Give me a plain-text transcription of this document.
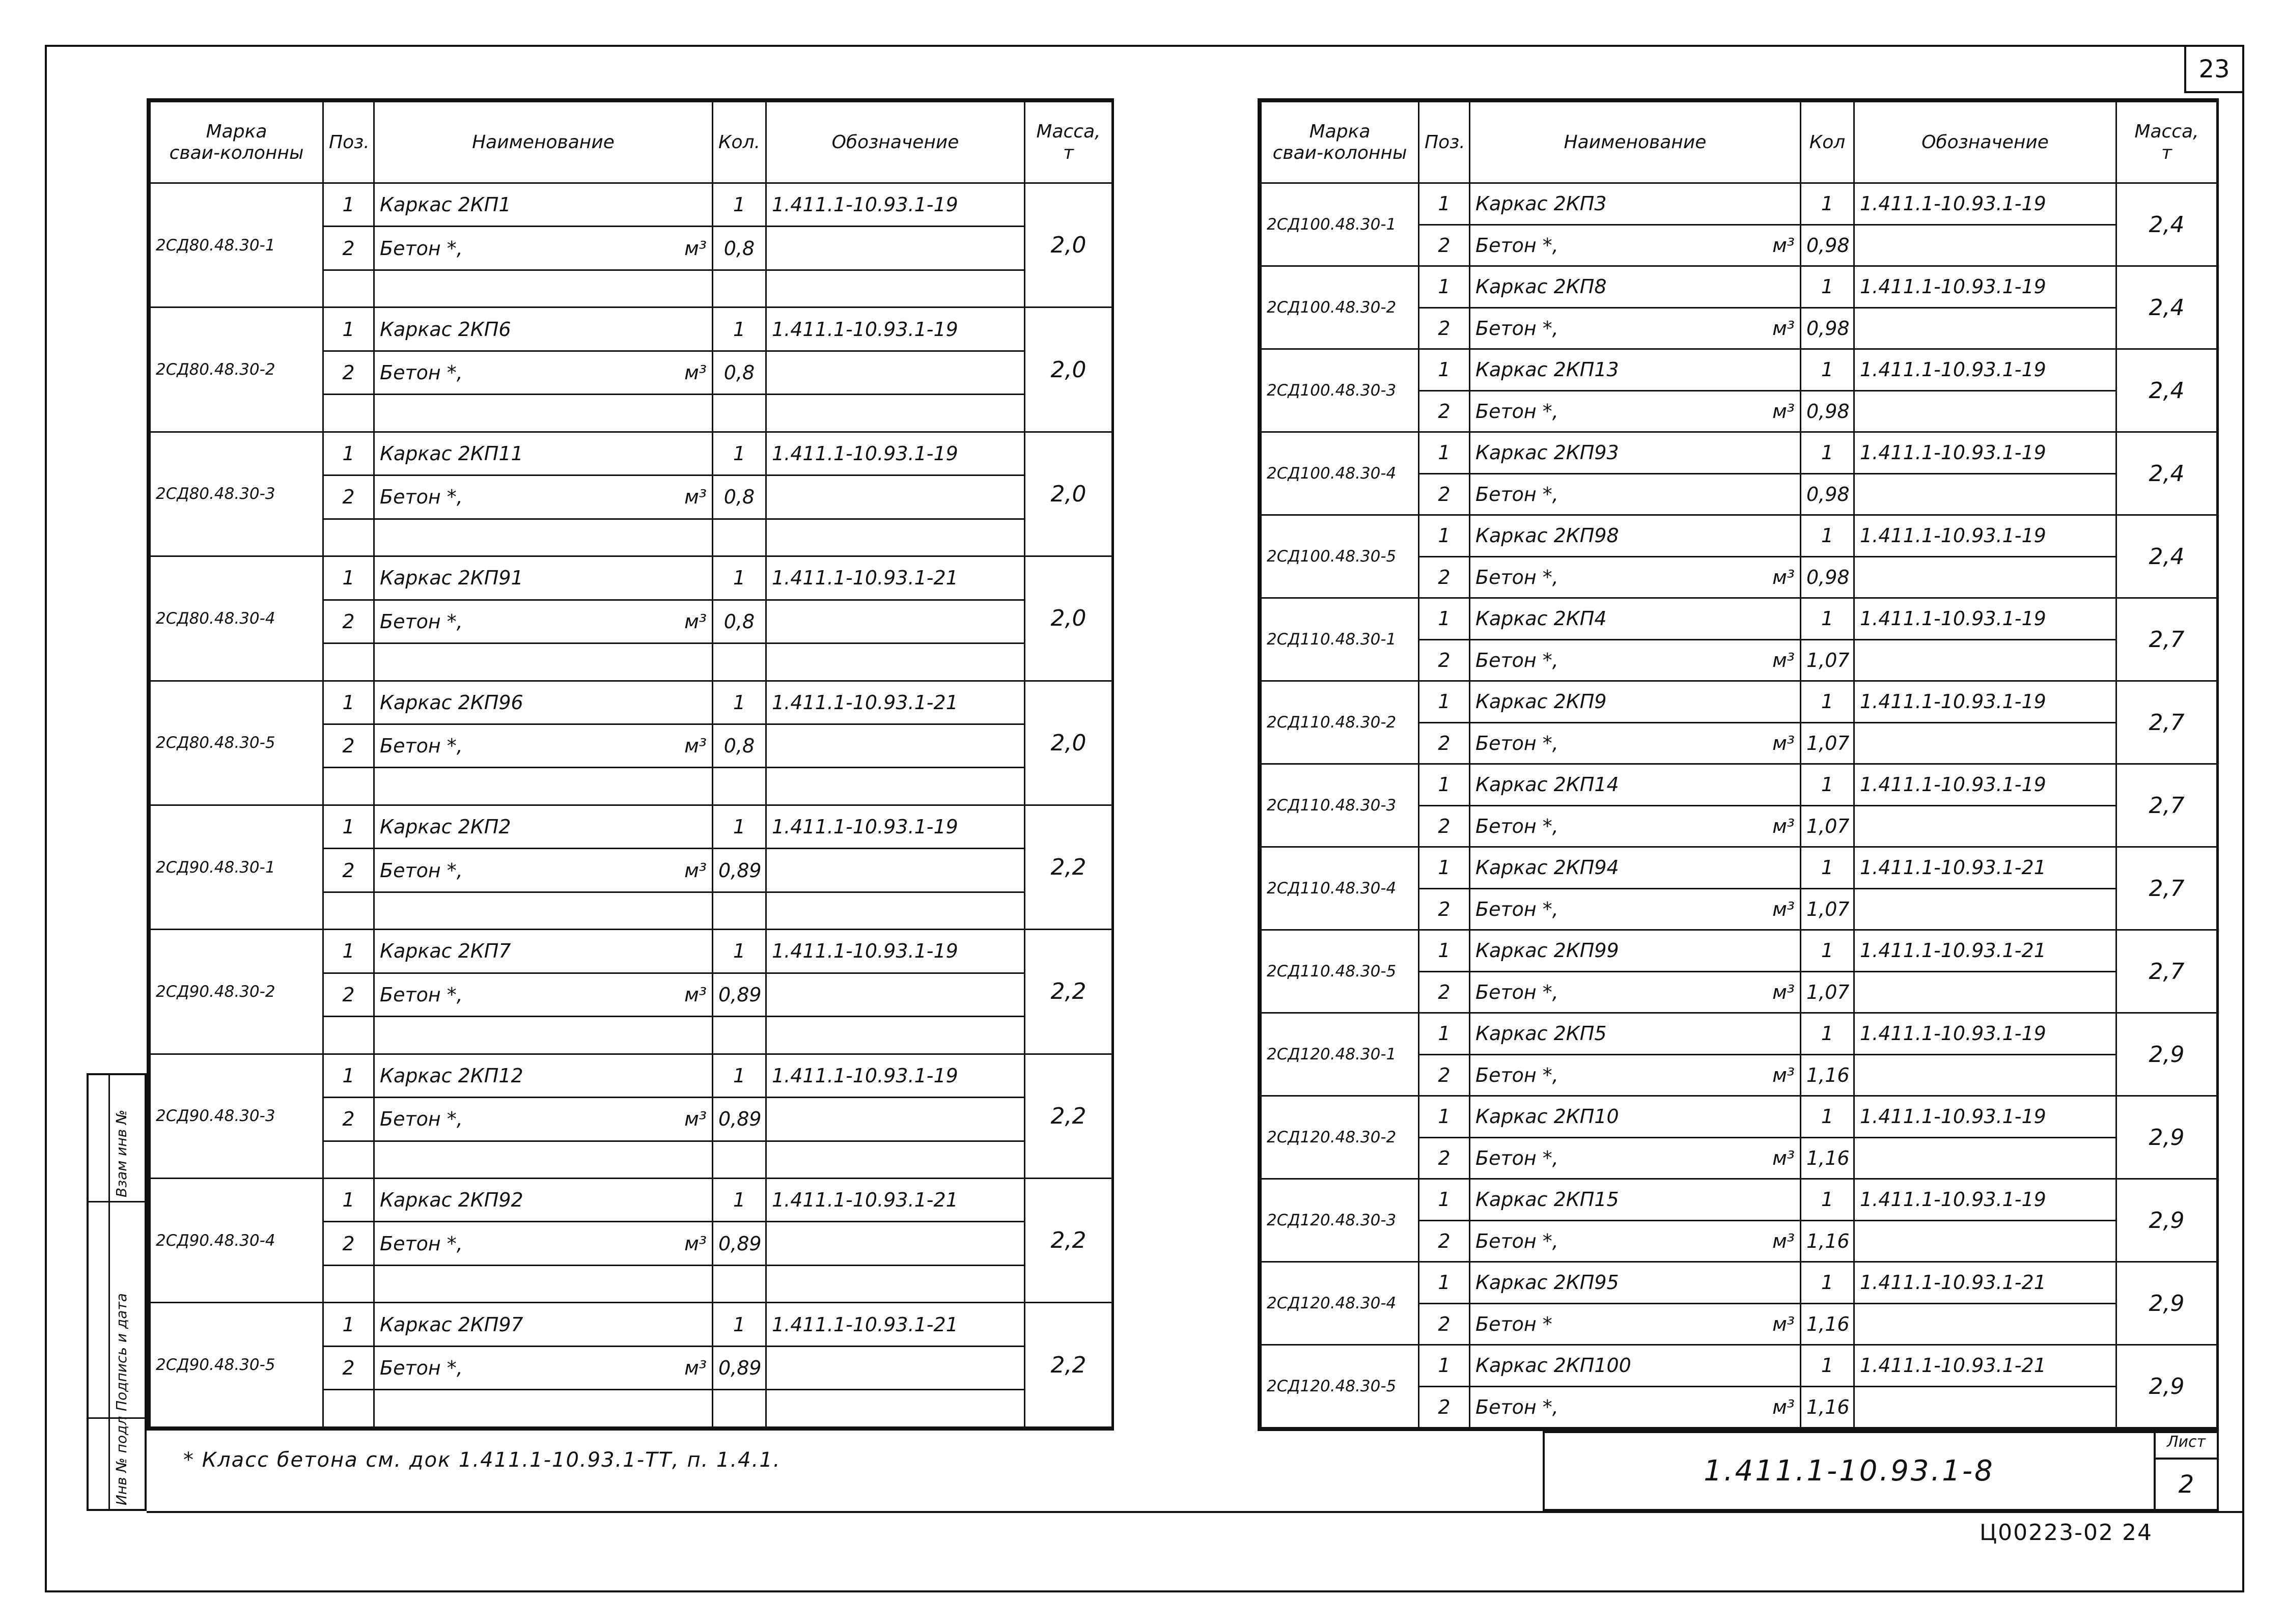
23
Марка
сваи-колонны	Поз.	Наименование	Кол.	Обозначение	Масса,
т
2СД80.48.30-1	1	Каркас 2КП1	1	1.411.1-10.93.1-19	2,0
	2	Бетон *, м³	0,8		

2СД80.48.30-2	1	Каркас 2КП6	1	1.411.1-10.93.1-19	2,0
	2	Бетон *, м³	0,8		

2СД80.48.30-3	1	Каркас 2КП11	1	1.411.1-10.93.1-19	2,0
	2	Бетон *, м³	0,8		

2СД80.48.30-4	1	Каркас 2КП91	1	1.411.1-10.93.1-21	2,0
	2	Бетон *, м³	0,8		

2СД80.48.30-5	1	Каркас 2КП96	1	1.411.1-10.93.1-21	2,0
	2	Бетон *, м³	0,8		

2СД90.48.30-1	1	Каркас 2КП2	1	1.411.1-10.93.1-19	2,2
	2	Бетон *, м³	0,89		

2СД90.48.30-2	1	Каркас 2КП7	1	1.411.1-10.93.1-19	2,2
	2	Бетон *, м³	0,89		

2СД90.48.30-3	1	Каркас 2КП12	1	1.411.1-10.93.1-19	2,2
	2	Бетон *, м³	0,89		

2СД90.48.30-4	1	Каркас 2КП92	1	1.411.1-10.93.1-21	2,2
	2	Бетон *, м³	0,89		

2СД90.48.30-5	1	Каркас 2КП97	1	1.411.1-10.93.1-21	2,2
	2	Бетон *, м³	0,89		

Марка
сваи-колонны	Поз.	Наименование	Кол	Обозначение	Масса,
т
2СД100.48.30-1	1	Каркас 2КП3	1	1.411.1-10.93.1-19	2,4
	2	Бетон *, м³	0,98		
2СД100.48.30-2	1	Каркас 2КП8	1	1.411.1-10.93.1-19	2,4
	2	Бетон *, м³	0,98		
2СД100.48.30-3	1	Каркас 2КП13	1	1.411.1-10.93.1-19	2,4
	2	Бетон *, м³	0,98		
2СД100.48.30-4	1	Каркас 2КП93	1	1.411.1-10.93.1-19	2,4
	2	Бетон *,	0,98		
2СД100.48.30-5	1	Каркас 2КП98	1	1.411.1-10.93.1-19	2,4
	2	Бетон *, м³	0,98		
2СД110.48.30-1	1	Каркас 2КП4	1	1.411.1-10.93.1-19	2,7
	2	Бетон *, м³	1,07		
2СД110.48.30-2	1	Каркас 2КП9	1	1.411.1-10.93.1-19	2,7
	2	Бетон *, м³	1,07		
2СД110.48.30-3	1	Каркас 2КП14	1	1.411.1-10.93.1-19	2,7
	2	Бетон *, м³	1,07		
2СД110.48.30-4	1	Каркас 2КП94	1	1.411.1-10.93.1-21	2,7
	2	Бетон *, м³	1,07		
2СД110.48.30-5	1	Каркас 2КП99	1	1.411.1-10.93.1-21	2,7
	2	Бетон *, м³	1,07		
2СД120.48.30-1	1	Каркас 2КП5	1	1.411.1-10.93.1-19	2,9
	2	Бетон *, м³	1,16		
2СД120.48.30-2	1	Каркас 2КП10	1	1.411.1-10.93.1-19	2,9
	2	Бетон *, м³	1,16		
2СД120.48.30-3	1	Каркас 2КП15	1	1.411.1-10.93.1-19	2,9
	2	Бетон *, м³	1,16		
2СД120.48.30-4	1	Каркас 2КП95	1	1.411.1-10.93.1-21	2,9
	2	Бетон * м³	1,16		
2СД120.48.30-5	1	Каркас 2КП100	1	1.411.1-10.93.1-21	2,9
	2	Бетон *, м³	1,16		
* Класс бетона см. док 1.411.1-10.93.1-ТТ, п. 1.4.1.
Взам инв №
Подпись и дата
Инв № подл	1.411.1-10.93.1-8
Лист
2
Ц00223-02 24
